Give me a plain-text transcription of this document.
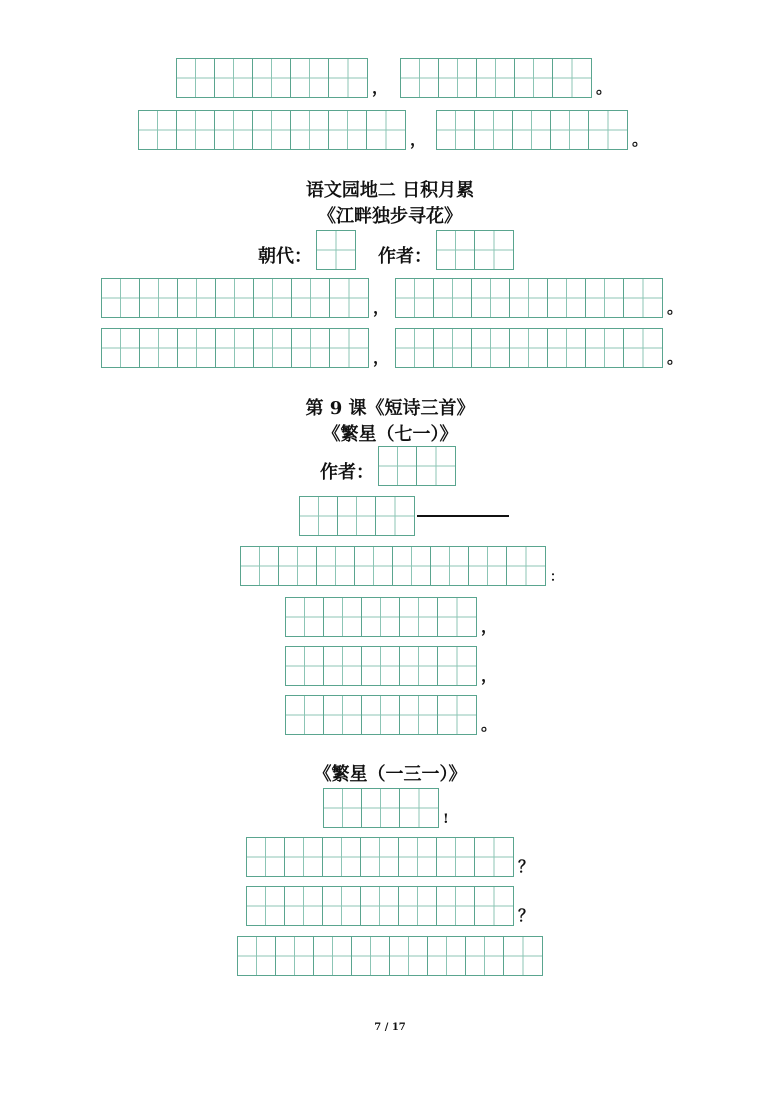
，	。
，	。
语文园地二 日积月累
《江畔独步寻花》
朝代：	作者：
，	。
，	。
第 9 课《短诗三首》
《繁星（七一）》
作者：
：
，
，
。
《繁星（一三一）》
!
？
？
7 / 17
